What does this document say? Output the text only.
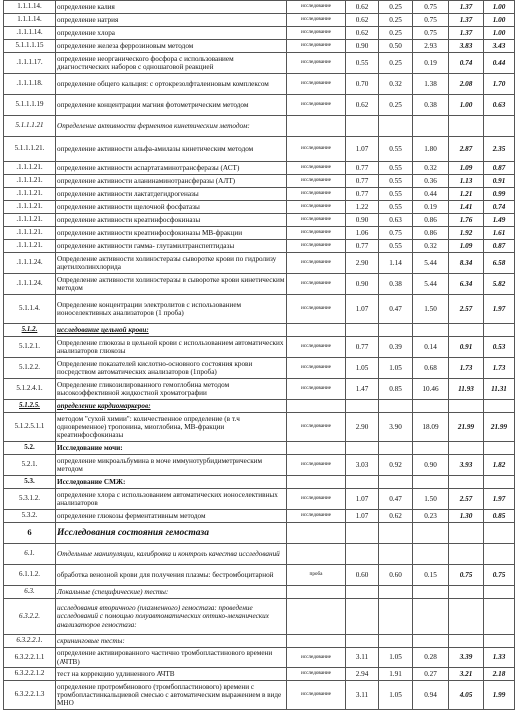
1.1.1.14.	определение калия	исследование	0.62	0.25	0.75	1.37	1.00
1.1.1.14.	определение натрия	исследование	0.62	0.25	0.75	1.37	1.00
.1.1.1.14.	определение хлора	исследование	0.62	0.25	0.75	1.37	1.00
5.1.1.1.15	определение железа феррозиновым методом	исследование	0.90	0.50	2.93	3.83	3.43
.1.1.1.17.	определение неорганического фосфора с использованием диагностических наборов с одношаговой реакцией	исследование	0.55	0.25	0.19	0.74	0.44
.1.1.1.18.	определение общего кальция: с ортокрезолфталеиновым комплексом	исследование	0.70	0.32	1.38	2.08	1.70
5.1.1.1.19	определение концентрации магния фотометрическим методом	исследование	0.62	0.25	0.38	1.00	0.63
5.1.1.1.21	Определение активности ферментов кинетическим методом:						
5.1.1.1.21.	определение активности альфа-амилазы кинетическим методом	исследование	1.07	0.55	1.80	2.87	2.35
.1.1.1.21.	определение активности аспартатаминотрансферазы (АСТ)	исследование	0.77	0.55	0.32	1.09	0.87
.1.1.1.21.	определение активности аланинаминотрансферазы (АЛТ)	исследование	0.77	0.55	0.36	1.13	0.91
.1.1.1.21.	определение активности лактатдегидрогеназы	исследование	0.77	0.55	0.44	1.21	0.99
.1.1.1.21.	определение активности щелочной фосфатазы	исследование	1.22	0.55	0.19	1.41	0.74
.1.1.1.21.	определение активности креатинфосфокиназы	исследование	0.90	0.63	0.86	1.76	1.49
.1.1.1.21.	определение активности креатинфосфокиназы МВ-фракции	исследование	1.06	0.75	0.86	1.92	1.61
.1.1.1.21.	определение активности гамма- глутамилтранспептидазы	исследование	0.77	0.55	0.32	1.09	0.87
.1.1.1.24.	Определение активности холинэстеразы сыворотке крови по гидролизу ацетилхолинхлорида	исследование	2.90	1.14	5.44	8.34	6.58
.1.1.1.24.	Определение активности холинэстеразы в сыворотке крови кинетическим методом	исследование	0.90	0.38	5.44	6.34	5.82
5.1.1.4.	Определение концентрации электролитов с использованием ионоселективных анализаторов (1 проба)	исследование	1.07	0.47	1.50	2.57	1.97
5.1.2.	исследование цельной крови:						
5.1.2.1.	Определение глюкозы в цельной крови с использованием автоматических анализаторов глюкозы	исследование	0.77	0.39	0.14	0.91	0.53
5.1.2.2.	Определение показателей кислотно-основного состояния крови посредством автоматических анализаторов (1проба)	исследование	1.05	1.05	0.68	1.73	1.73
5.1.2.4.1.	Определение гликозилированного гемоглобина методом высокоэффективной жидкостной хроматографии	исследование	1.47	0.85	10.46	11.93	11.31
5.1.2.5.	определение кардиомаркеров:						
5.1.2.5.1.1	метoдом "сухой химии": количественное определение (в т.ч одновременное) тропонина, миоглобина, МВ-фракции креатинфосфокиназы	исследование	2.90	3.90	18.09	21.99	21.99
5.2.	Исследование мочи:						
5.2.1.	определение микроальбумина в моче иммунотурбидиметрическим методом	исследование	3.03	0.92	0.90	3.93	1.82
5.3.	Исследование СМЖ:						
5.3.1.2.	определение хлора с использованием автоматических ионоселективных анализаторов	исследование	1.07	0.47	1.50	2.57	1.97
5.3.2.	определение глюкозы ферментативным методом	исследование	1.07	0.62	0.23	1.30	0.85
6	Исследования состояния гемостаза						
6.1.	Отдельные манипуляции, калибровка и контроль качества исследований						
6.1.1.2.	обработка венозной крови для получения плазмы: бестромбоцитарной	проба	0.60	0.60	0.15	0.75	0.75
6.3.	Локальные (специфические) тесты:						
6.3.2.2.	исследования вторичного (плазменного) гемостаза: проведение исследований с помощью полуавтоматических оптико-механических анализаторов гемостаза:						
6.3.2.2.1.	скрининговые тесты:						
6.3.2.2.1.1	определение активированного частично тромбопластинового времени (АЧТВ)	исследование	3.11	1.05	0.28	3.39	1.33
6.3.2.2.1.2	тест на коррекцию удлиненного АЧТВ	исследование	2.94	1.91	0.27	3.21	2.18
6.3.2.2.1.3	определение протромбинового (тромбопластинового) времени с тромбопластинкальциевой смесью с автоматическим выражением в виде МНО	исследование	3.11	1.05	0.94	4.05	1.99
